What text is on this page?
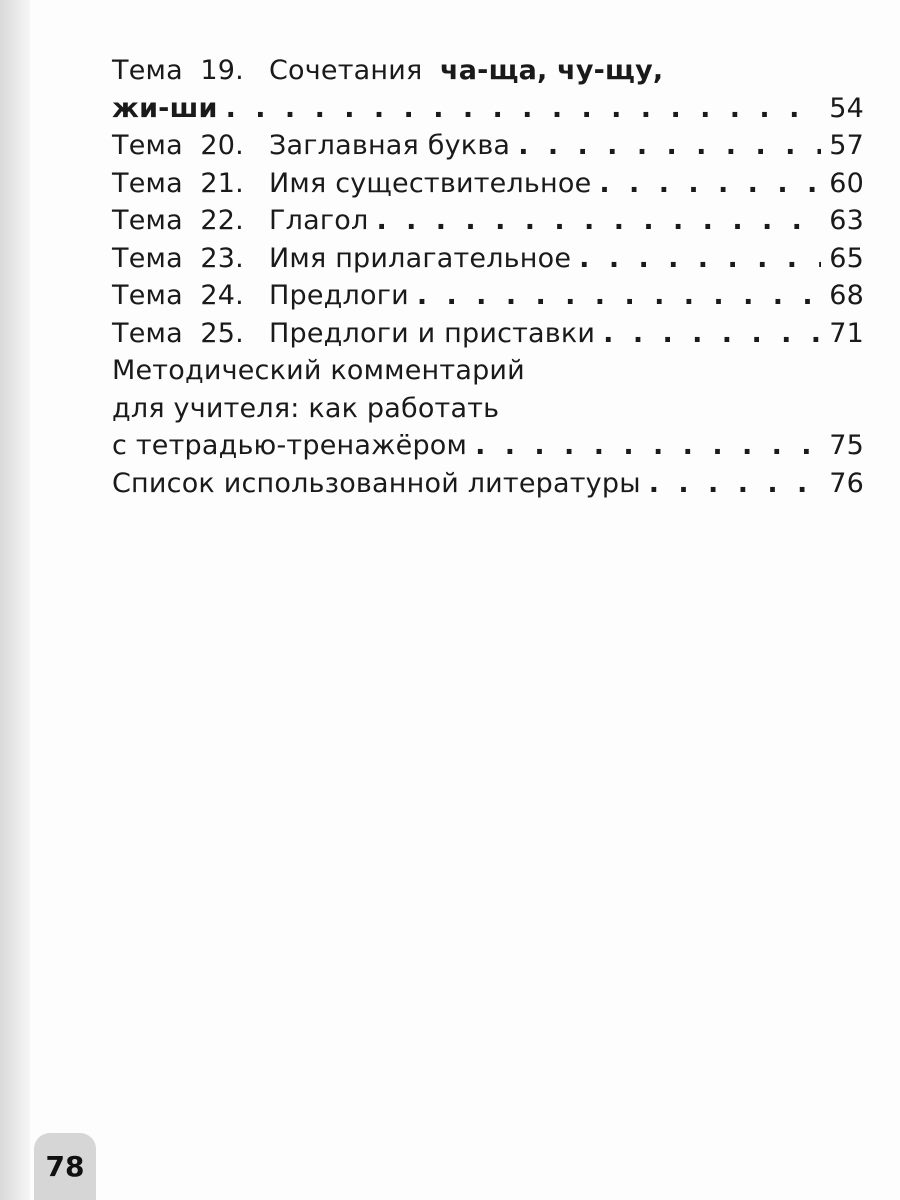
Тема 19. Сочетания ча-ща, чу-щу,
жи-ши . . .	54
Тема 20. Заглавная буква . . .	57
Тема 21. Имя существительное . . .	60
Тема 22. Глагол . . .	63
Тема 23. Имя прилагательное . . .	65
Тема 24. Предлоги . . .	68
Тема 25. Предлоги и приставки . . .	71
Методический комментарий
для учителя: как работать
с тетрадью-тренажёром . . .	75
Список использованной литературы . . .	76
78
